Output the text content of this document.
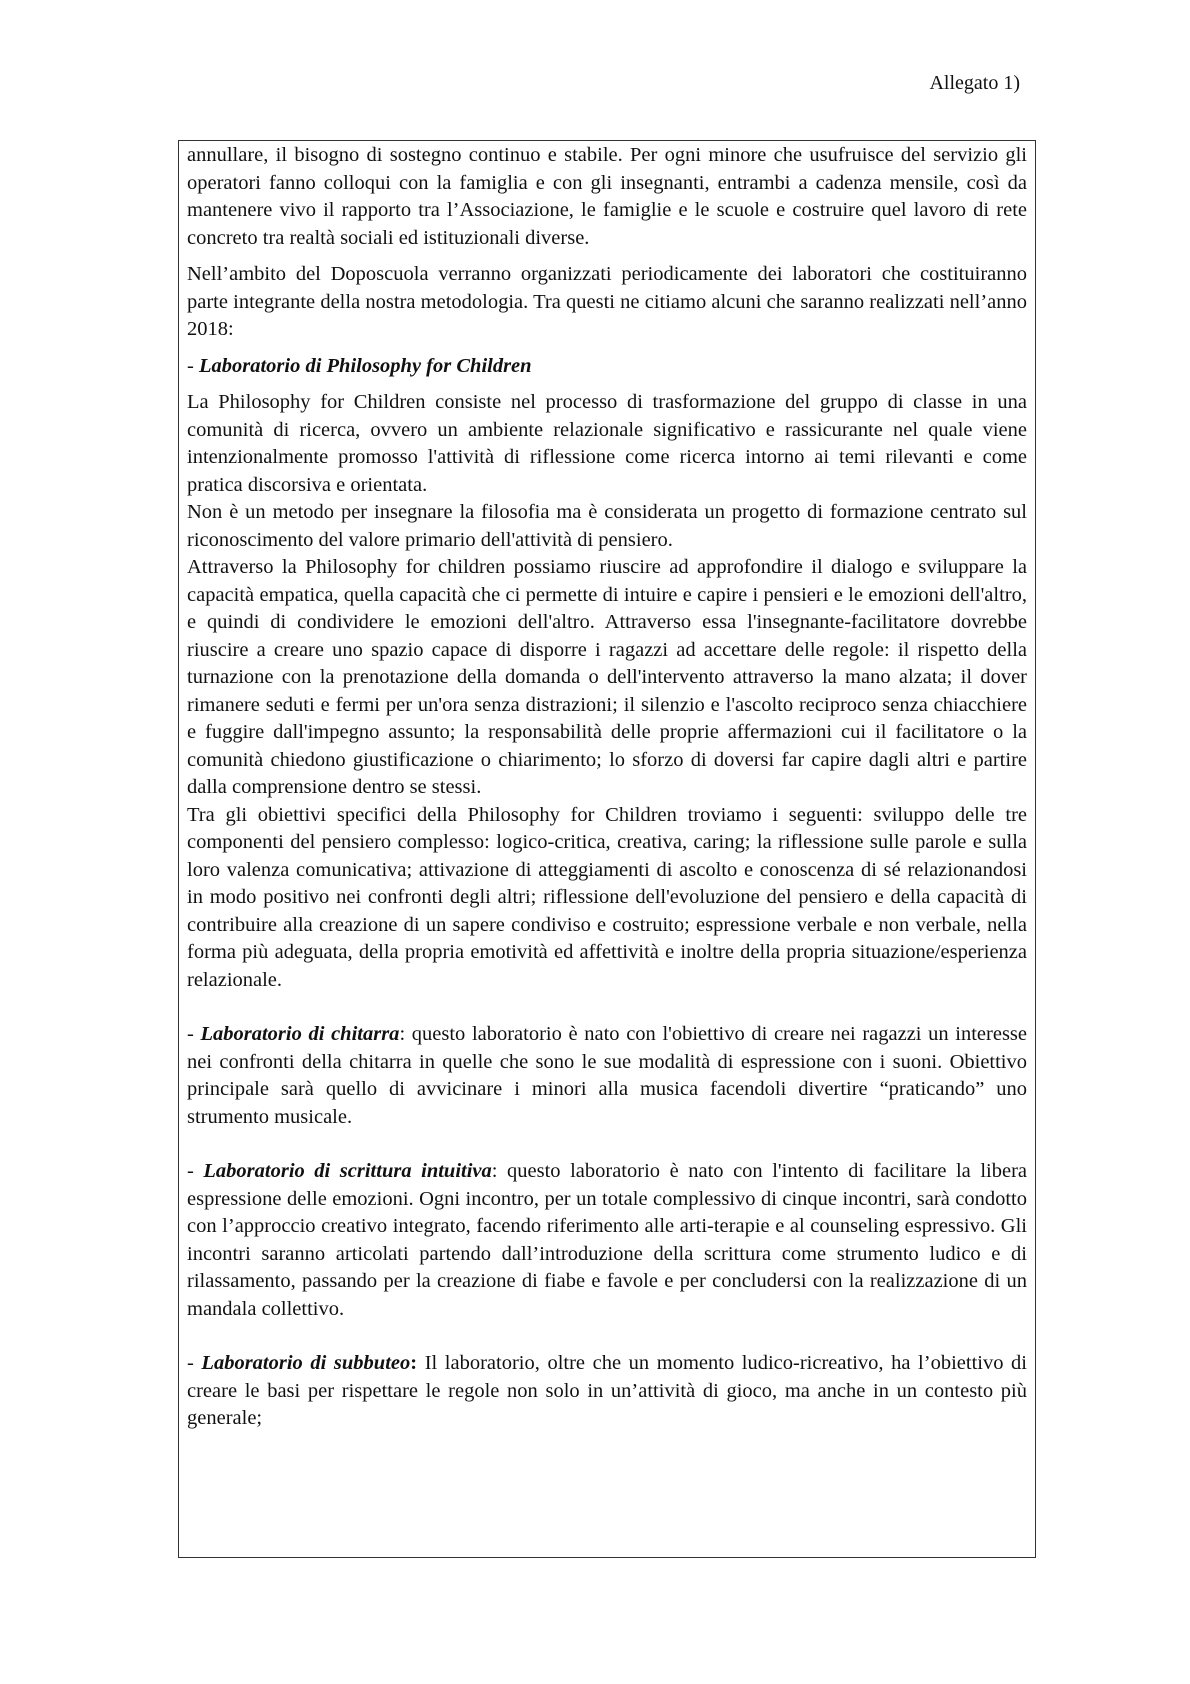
Allegato 1)

annullare, il bisogno di sostegno continuo e stabile. Per ogni minore che usufruisce del servizio gli operatori fanno colloqui con la famiglia e con gli insegnanti, entrambi a cadenza mensile, così da mantenere vivo il rapporto tra l’Associazione, le famiglie e le scuole e costruire quel lavoro di rete concreto tra realtà sociali ed istituzionali diverse.

Nell’ambito del Doposcuola verranno organizzati periodicamente dei laboratori che costituiranno parte integrante della nostra metodologia. Tra questi ne citiamo alcuni che saranno realizzati nell’anno 2018:

- Laboratorio di Philosophy for Children

La Philosophy for Children consiste nel processo di trasformazione del gruppo di classe in una comunità di ricerca, ovvero un ambiente relazionale significativo e rassicurante nel quale viene intenzionalmente promosso l'attività di riflessione come ricerca intorno ai temi rilevanti e come pratica discorsiva e orientata.

Non è un metodo per insegnare la filosofia ma è considerata un progetto di formazione centrato sul riconoscimento del valore primario dell'attività di pensiero.

Attraverso la Philosophy for children possiamo riuscire ad approfondire il dialogo e sviluppare la capacità empatica, quella capacità che ci permette di intuire e capire i pensieri e le emozioni dell'altro, e quindi di condividere le emozioni dell'altro. Attraverso essa l'insegnante-facilitatore dovrebbe riuscire a creare uno spazio capace di disporre i ragazzi ad accettare delle regole: il rispetto della turnazione con la prenotazione della domanda o dell'intervento attraverso la mano alzata; il dover rimanere seduti e fermi per un'ora senza distrazioni; il silenzio e l'ascolto reciproco senza chiacchiere e fuggire dall'impegno assunto; la responsabilità delle proprie affermazioni cui il facilitatore o la comunità chiedono giustificazione o chiarimento; lo sforzo di doversi far capire dagli altri e partire dalla comprensione dentro se stessi.

Tra gli obiettivi specifici della Philosophy for Children troviamo i seguenti: sviluppo delle tre componenti del pensiero complesso: logico-critica, creativa, caring; la riflessione sulle parole e sulla loro valenza comunicativa; attivazione di atteggiamenti di ascolto e conoscenza di sé relazionandosi in modo positivo nei confronti degli altri; riflessione dell'evoluzione del pensiero e della capacità di contribuire alla creazione di un sapere condiviso e costruito; espressione verbale e non verbale, nella forma più adeguata, della propria emotività ed affettività e inoltre della propria situazione/esperienza relazionale.

- Laboratorio di chitarra: questo laboratorio è nato con l'obiettivo di creare nei ragazzi un interesse nei confronti della chitarra in quelle che sono le sue modalità di espressione con i suoni. Obiettivo principale sarà quello di avvicinare i minori alla musica facendoli divertire “praticando” uno strumento musicale.

- Laboratorio di scrittura intuitiva: questo laboratorio è nato con l'intento di facilitare la libera espressione delle emozioni. Ogni incontro, per un totale complessivo di cinque incontri, sarà condotto con l’approccio creativo integrato, facendo riferimento alle arti-terapie e al counseling espressivo. Gli incontri saranno articolati partendo dall’introduzione della scrittura come strumento ludico e di rilassamento, passando per la creazione di fiabe e favole e per concludersi con la realizzazione di un mandala collettivo.

- Laboratorio di subbuteo: Il laboratorio, oltre che un momento ludico-ricreativo, ha l’obiettivo di creare le basi per rispettare le regole non solo in un’attività di gioco, ma anche in un contesto più generale;
